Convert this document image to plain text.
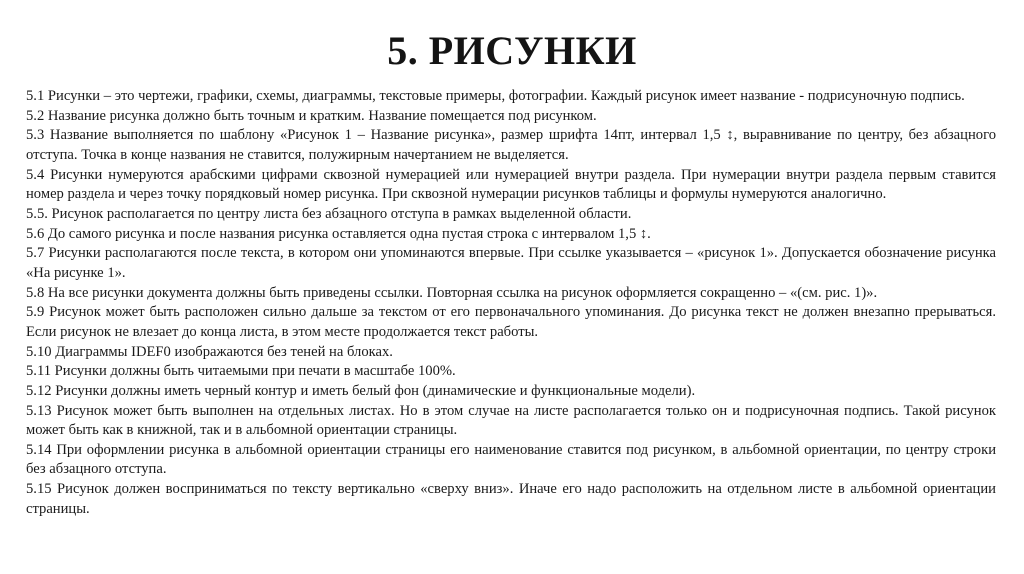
5. РИСУНКИ

5.1 Рисунки – это чертежи, графики, схемы, диаграммы, текстовые примеры, фотографии. Каждый рисунок имеет название - подрисуночную подпись.

5.2 Название рисунка должно быть точным и кратким. Название помещается под рисунком.

5.3 Название выполняется по шаблону «Рисунок 1 – Название рисунка», размер шрифта 14пт, интервал 1,5 ↕, выравнивание по центру, без абзацного отступа. Точка в конце названия не ставится, полужирным начертанием не выделяется.

5.4 Рисунки нумеруются арабскими цифрами сквозной нумерацией или нумерацией внутри раздела. При нумерации внутри раздела первым ставится номер раздела и через точку порядковый номер рисунка. При сквозной нумерации рисунков таблицы и формулы нумеруются аналогично.

5.5. Рисунок располагается по центру листа без абзацного отступа в рамках выделенной области.

5.6 До самого рисунка и после названия рисунка оставляется одна пустая строка с интервалом 1,5 ↕.

5.7 Рисунки располагаются после текста, в котором они упоминаются впервые. При ссылке указывается – «рисунок 1». Допускается обозначение рисунка «На рисунке 1».

5.8 На все рисунки документа должны быть приведены ссылки. Повторная ссылка на рисунок оформляется сокращенно – «(см. рис. 1)».

5.9 Рисунок может быть расположен сильно дальше за текстом от его первоначального упоминания. До рисунка текст не должен внезапно прерываться. Если рисунок не влезает до конца листа, в этом месте продолжается текст работы.

5.10 Диаграммы IDEF0 изображаются без теней на блоках.

5.11 Рисунки должны быть читаемыми при печати в масштабе 100%.

5.12 Рисунки должны иметь черный контур и иметь белый фон (динамические и функциональные модели).

5.13 Рисунок может быть выполнен на отдельных листах. Но в этом случае на листе располагается только он и подрисуночная подпись. Такой рисунок может быть как в книжной, так и в альбомной ориентации страницы.

5.14 При оформлении рисунка в альбомной ориентации страницы его наименование ставится под рисунком, в альбомной ориентации, по центру строки без абзацного отступа.

5.15 Рисунок должен восприниматься по тексту вертикально «сверху вниз». Иначе его надо расположить на отдельном листе в альбомной ориентации страницы.
